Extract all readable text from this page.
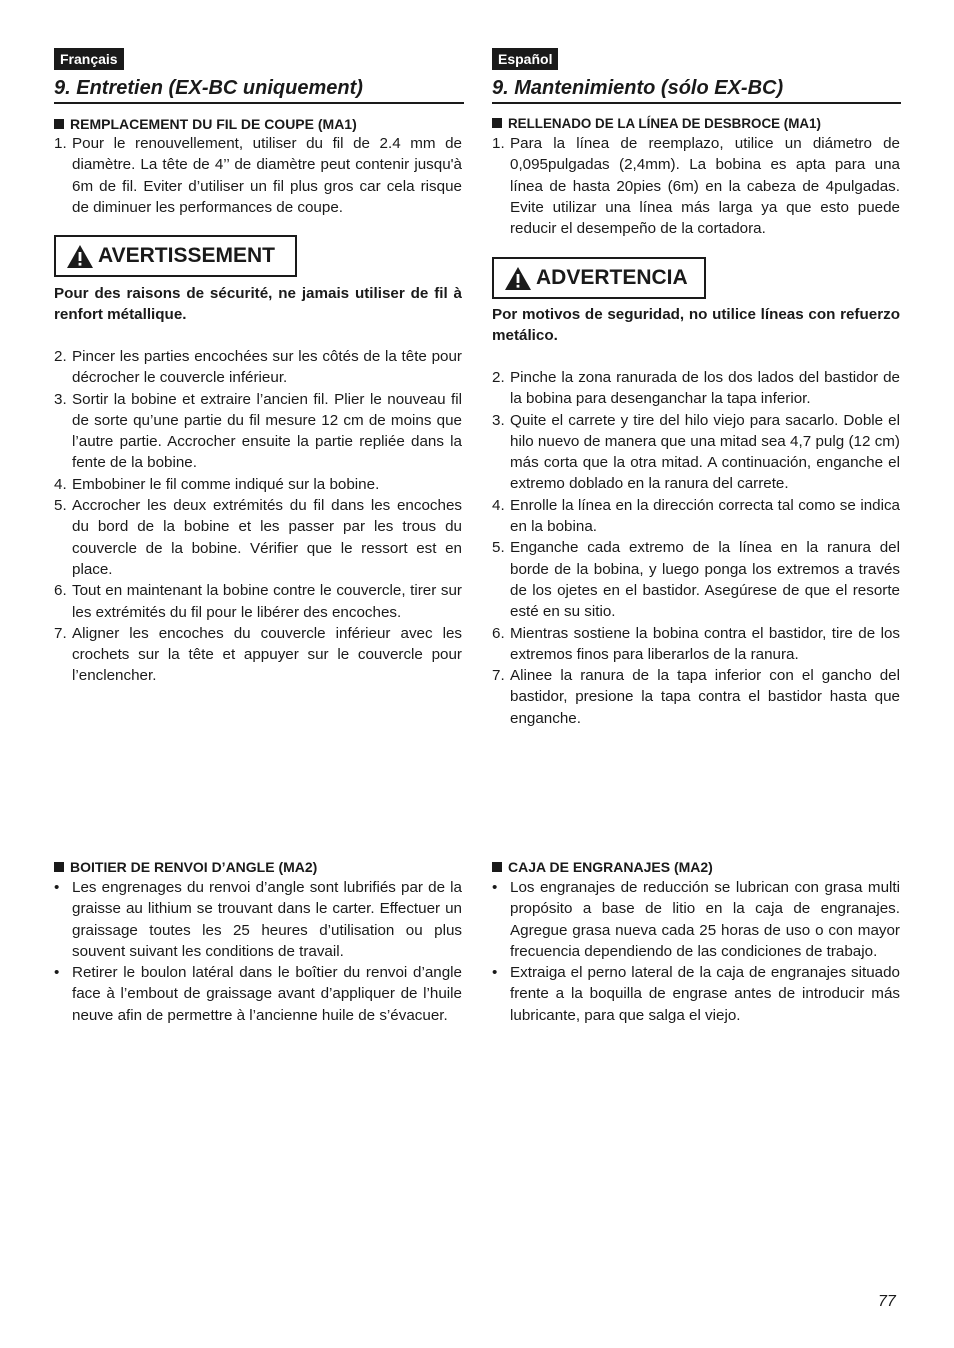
Français
9. Entretien (EX-BC uniquement)
REMPLACEMENT DU FIL DE COUPE (MA1)
1. Pour le renouvellement, utiliser du fil de 2.4 mm de diamètre. La tête de 4’’ de diamètre peut contenir jusqu'à 6m de fil. Eviter d’utiliser un fil plus gros car cela risque de diminuer les performances de coupe.
AVERTISSEMENT
Pour des raisons de sécurité, ne jamais utiliser de fil à renfort métallique.
2. Pincer les parties encochées sur les côtés de la tête pour décrocher le couvercle inférieur.
3. Sortir la bobine et extraire l’ancien fil. Plier le nouveau fil de sorte qu’une partie du fil mesure 12 cm de moins que l’autre partie. Accrocher ensuite la partie repliée dans la fente de la bobine.
4. Embobiner le fil comme indiqué sur la bobine.
5. Accrocher les deux extrémités du fil dans les encoches du bord de la bobine et les passer par les trous du couvercle de la bobine. Vérifier que le ressort est en place.
6. Tout en maintenant la bobine contre le couvercle, tirer sur les extrémités du fil pour le libérer des encoches.
7. Aligner les encoches du couvercle inférieur avec les crochets sur la tête et appuyer sur le couvercle pour l’enclencher.
BOITIER DE RENVOI D’ANGLE (MA2)
• Les engrenages du renvoi d’angle sont lubrifiés par de la graisse au lithium se trouvant dans le carter. Effectuer un graissage toutes les 25 heures d’utilisation ou plus souvent suivant les conditions de travail.
• Retirer le boulon latéral dans le boîtier du renvoi d’angle face à l’embout de graissage avant d’appliquer de l’huile neuve afin de permettre à l’ancienne huile de s’évacuer.
Español
9. Mantenimiento (sólo EX-BC)
RELLENADO DE LA LÍNEA DE DESBROCE (MA1)
1. Para la línea de reemplazo, utilice un diámetro de 0,095pulgadas (2,4mm). La bobina es apta para una línea de hasta 20pies (6m) en la cabeza de 4pulgadas. Evite utilizar una línea más larga ya que esto puede reducir el desempeño de la cortadora.
ADVERTENCIA
Por motivos de seguridad, no utilice líneas con refuerzo metálico.
2. Pinche la zona ranurada de los dos lados del bastidor de la bobina para desenganchar la tapa inferior.
3. Quite el carrete y tire del hilo viejo para sacarlo. Doble el hilo nuevo de manera que una mitad sea 4,7 pulg (12 cm) más corta que la otra mitad. A continuación, enganche el extremo doblado en la ranura del carrete.
4. Enrolle la línea en la dirección correcta tal como se indica en la bobina.
5. Enganche cada extremo de la línea en la ranura del borde de la bobina, y luego ponga los extremos a través de los ojetes en el bastidor. Asegúrese de que el resorte esté en su sitio.
6. Mientras sostiene la bobina contra el bastidor, tire de los extremos finos para liberarlos de la ranura.
7. Alinee la ranura de la tapa inferior con el gancho del bastidor, presione la tapa contra el bastidor hasta que enganche.
CAJA DE ENGRANAJES (MA2)
• Los engranajes de reducción se lubrican con grasa multi propósito a base de litio en la caja de engranajes. Agregue grasa nueva cada 25 horas de uso o con mayor frecuencia dependiendo de las condiciones de trabajo.
• Extraiga el perno lateral de la caja de engranajes situado frente a la boquilla de engrase antes de introducir más lubricante, para que salga el viejo.
77
